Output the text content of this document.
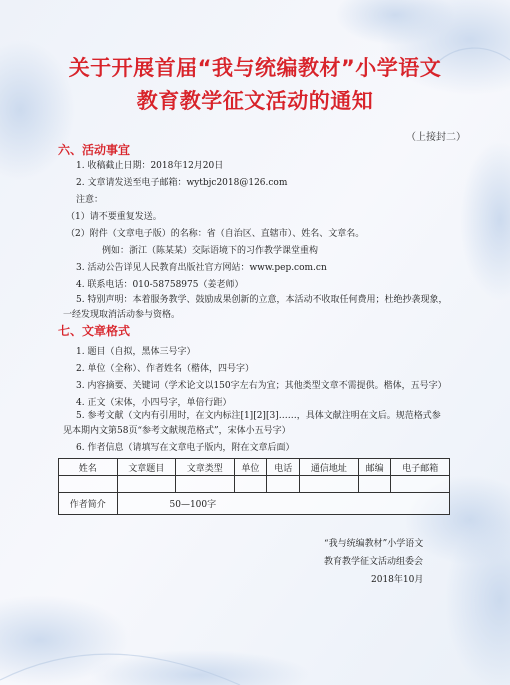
关于开展首届“我与统编教材”小学语文
教育教学征文活动的通知
（上接封二）
六、活动事宜
1. 收稿截止日期：2018年12月20日
2. 文章请发送至电子邮箱：wytbjc2018@126.com
注意：
（1）请不要重复发送。
（2）附件（文章电子版）的名称：省（自治区、直辖市）、姓名、文章名。
例如：浙江（陈某某）交际语境下的习作教学课堂重构
3. 活动公告详见人民教育出版社官方网站：www.pep.com.cn
4. 联系电话：010-58758975（姜老师）
5. 特别声明：本着服务教学、鼓励成果创新的立意，本活动不收取任何费用；杜绝抄袭现象，一经发现取消活动参与资格。
七、文章格式
1. 题目（自拟，黑体三号字）
2. 单位（全称）、作者姓名（楷体，四号字）
3. 内容摘要、关键词（学术论文以150字左右为宜；其他类型文章不需提供。楷体，五号字）
4. 正文（宋体，小四号字，单倍行距）
5. 参考文献（文内有引用时，在文内标注[1][2][3]……，具体文献注明在文后。规范格式参见本期内文第58页“参考文献规范格式”，宋体小五号字）
6. 作者信息（请填写在文章电子版内，附在文章后面）
姓名	文章题目	文章类型	单位	电话	通信地址	邮编	电子邮箱

作者简介	50—100字						
“我与统编教材”小学语文
教育教学征文活动组委会
2018年10月
